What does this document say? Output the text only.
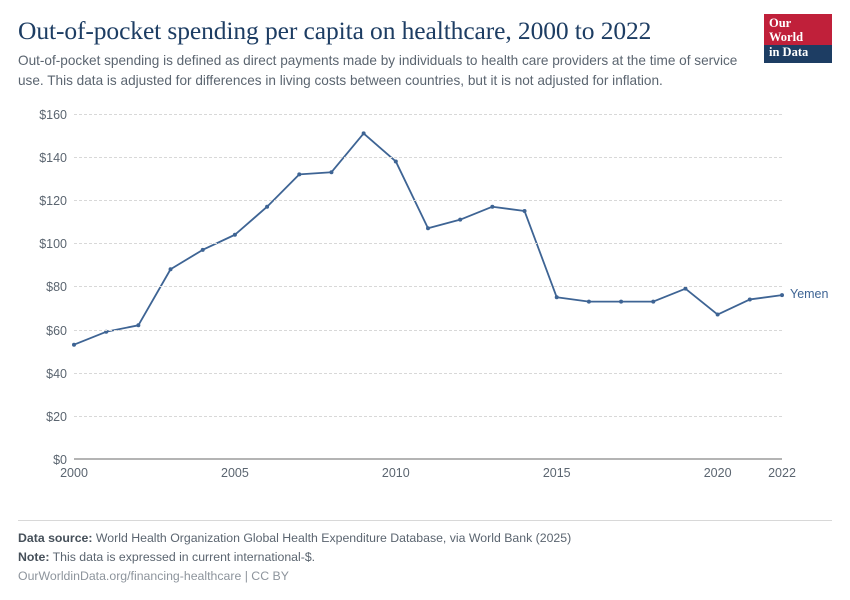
Out-of-pocket spending per capita on healthcare, 2000 to 2022

Out-of-pocket spending is defined as direct payments made by individuals to health care providers at the time of service use. This data is adjusted for differences in living costs between countries, but it is not adjusted for inflation.

Our World
in Data
$0
$20
$40
$60
$80
$100
$120
$140
$160
2000	2005	2010	2015	2020	2022
Yemen
Data source: World Health Organization Global Health Expenditure Database, via World Bank (2025)
Note: This data is expressed in current international-$.
OurWorldinData.org/financing-healthcare | CC BY
